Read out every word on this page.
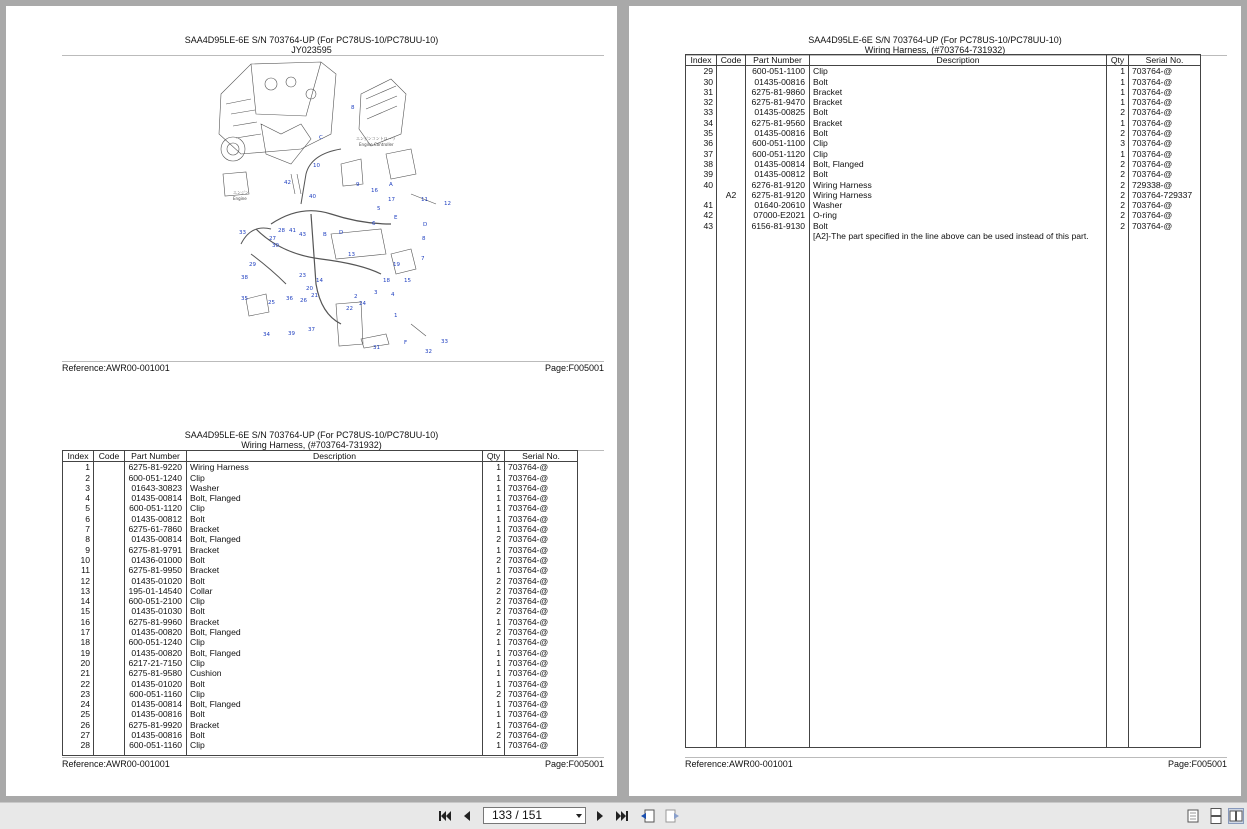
SAA4D95LE-6E S/N 703764-UP (For PC78US-10/PC78UU-10)
JY023595
8
C
10
9
16
A
42
40	11
12
17
E
D
D
28
27
41
43
5
6
B
8
33
29
30
38	23
14
13
19
15
2
20
18
3 4
7
35	21
36
22
24
25	26
34	39
37
1
31
F
32
33
エンジンコントローラ
Engine Controller
エンジン
Engine
Reference:AWR00-001001	Page:F005001
SAA4D95LE-6E S/N 703764-UP (For PC78US-10/PC78UU-10)
Wiring Harness, (#703764-731932)
Index	Code	Part Number	Description	Qty	Serial No.
1		6275-81-9220	Wiring Harness	1	703764-@
2		600-051-1240	Clip	1	703764-@
3		01643-30823	Washer	1	703764-@
4		01435-00814	Bolt, Flanged	1	703764-@
5		600-051-1120	Clip	1	703764-@
6		01435-00812	Bolt	1	703764-@
7		6275-61-7860	Bracket	1	703764-@
8		01435-00814	Bolt, Flanged	2	703764-@
9		6275-81-9791	Bracket	1	703764-@
10		01436-01000	Bolt	2	703764-@
11		6275-81-9950	Bracket	1	703764-@
12		01435-01020	Bolt	2	703764-@
13		195-01-14540	Collar	2	703764-@
14		600-051-2100	Clip	2	703764-@
15		01435-01030	Bolt	2	703764-@
16		6275-81-9960	Bracket	1	703764-@
17		01435-00820	Bolt, Flanged	2	703764-@
18		600-051-1240	Clip	1	703764-@
19		01435-00820	Bolt, Flanged	1	703764-@
20		6217-21-7150	Clip	1	703764-@
21		6275-81-9580	Cushion	1	703764-@
22		01435-01020	Bolt	1	703764-@
23		600-051-1160	Clip	2	703764-@
24		01435-00814	Bolt, Flanged	1	703764-@
25		01435-00816	Bolt	1	703764-@
26		6275-81-9920	Bracket	1	703764-@
27		01435-00816	Bolt	2	703764-@
28		600-051-1160	Clip	1	703764-@

Reference:AWR00-001001	Page:F005001
SAA4D95LE-6E S/N 703764-UP (For PC78US-10/PC78UU-10)
Wiring Harness, (#703764-731932)
Index	Code	Part Number	Description	Qty	Serial No.
29		600-051-1100	Clip	1	703764-@
30		01435-00816	Bolt	1	703764-@
31		6275-81-9860	Bracket	1	703764-@
32		6275-81-9470	Bracket	1	703764-@
33		01435-00825	Bolt	2	703764-@
34		6275-81-9560	Bracket	1	703764-@
35		01435-00816	Bolt	2	703764-@
36		600-051-1100	Clip	3	703764-@
37		600-051-1120	Clip	1	703764-@
38		01435-00814	Bolt, Flanged	2	703764-@
39		01435-00812	Bolt	2	703764-@
40		6276-81-9120	Wiring Harness	2	729338-@
	A2	6275-81-9120	Wiring Harness	2	703764-729337
41		01640-20610	Washer	2	703764-@
42		07000-E2021	O-ring	2	703764-@
43		6156-81-9130	Bolt	2	703764-@
			[A2]-The part specified in the line above can be used instead of this part.		

Reference:AWR00-001001	Page:F005001
133 / 151
